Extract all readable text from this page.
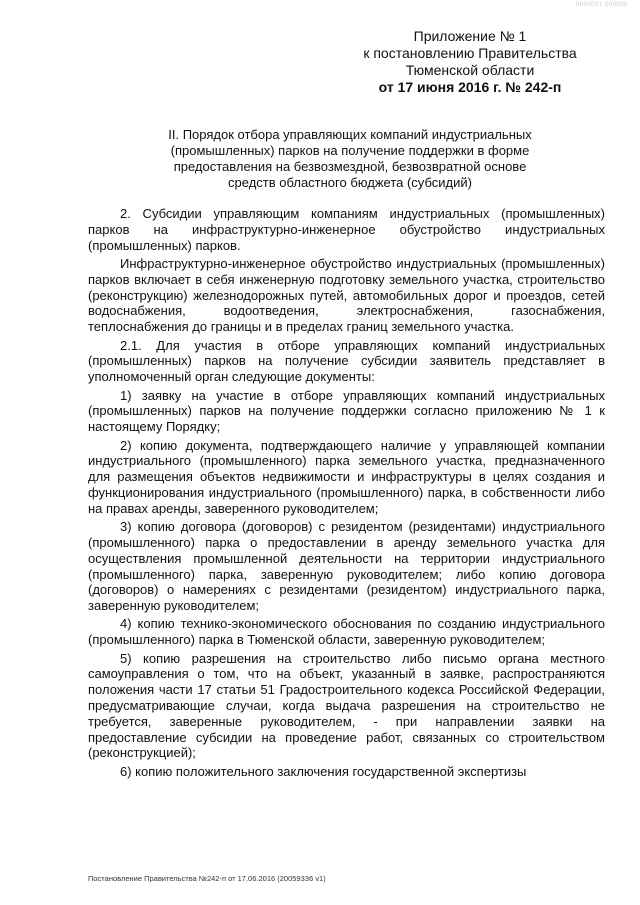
0000001 000000
Приложение № 1
к постановлению Правительства
Тюменской области
от 17 июня 2016 г. № 242-п
II. Порядок отбора управляющих компаний индустриальных (промышленных) парков на получение поддержки в форме предоставления на безвозмездной, безвозвратной основе средств областного бюджета (субсидий)

2. Субсидии управляющим компаниям индустриальных (промышленных) парков на инфраструктурно-инженерное обустройство индустриальных (промышленных) парков.

Инфраструктурно-инженерное обустройство индустриальных (промышленных) парков включает в себя инженерную подготовку земельного участка, строительство (реконструкцию) железнодорожных путей, автомобильных дорог и проездов, сетей водоснабжения, водоотведения, электроснабжения, газоснабжения, теплоснабжения до границы и в пределах границ земельного участка.

2.1. Для участия в отборе управляющих компаний индустриальных (промышленных) парков на получение субсидии заявитель представляет в уполномоченный орган следующие документы:

1) заявку на участие в отборе управляющих компаний индустриальных (промышленных) парков на получение поддержки согласно приложению № 1 к настоящему Порядку;

2) копию документа, подтверждающего наличие у управляющей компании индустриального (промышленного) парка земельного участка, предназначенного для размещения объектов недвижимости и инфраструктуры в целях создания и функционирования индустриального (промышленного) парка, в собственности либо на правах аренды, заверенного руководителем;

3) копию договора (договоров) с резидентом (резидентами) индустриального (промышленного) парка о предоставлении в аренду земельного участка для осуществления промышленной деятельности на территории индустриального (промышленного) парка, заверенную руководителем; либо копию договора (договоров) о намерениях с резидентами (резидентом) индустриального парка, заверенную руководителем;

4) копию технико-экономического обоснования по созданию индустриального (промышленного) парка в Тюменской области, заверенную руководителем;

5) копию разрешения на строительство либо письмо органа местного самоуправления о том, что на объект, указанный в заявке, распространяются положения части 17 статьи 51 Градостроительного кодекса Российской Федерации, предусматривающие случаи, когда выдача разрешения на строительство не требуется, заверенные руководителем, - при направлении заявки на предоставление субсидии на проведение работ, связанных со строительством (реконструкцией);

6) копию положительного заключения государственной экспертизы

Постановление Правительства №242-п от 17.06.2016 (20059336 v1)
